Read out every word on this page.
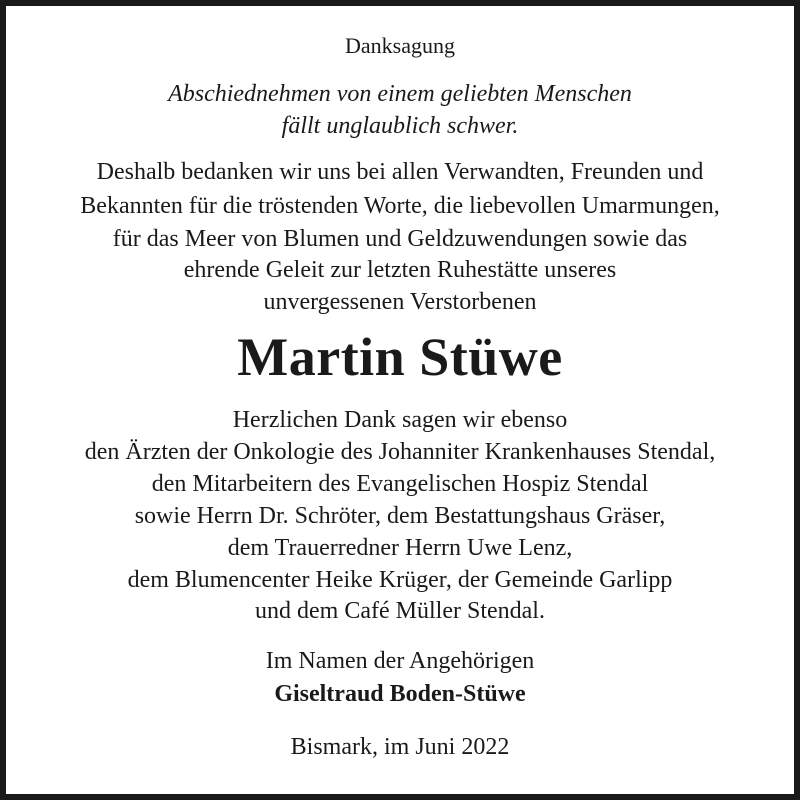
Danksagung
Abschiednehmen von einem geliebten Menschen
fällt unglaublich schwer.
Deshalb bedanken wir uns bei allen Verwandten, Freunden und
Bekannten für die tröstenden Worte, die liebevollen Umarmungen,
für das Meer von Blumen und Geldzuwendungen sowie das
ehrende Geleit zur letzten Ruhestätte unseres
unvergessenen Verstorbenen
Martin Stüwe
Herzlichen Dank sagen wir ebenso
den Ärzten der Onkologie des Johanniter Krankenhauses Stendal,
den Mitarbeitern des Evangelischen Hospiz Stendal
sowie Herrn Dr. Schröter, dem Bestattungshaus Gräser,
dem Trauerredner Herrn Uwe Lenz,
dem Blumencenter Heike Krüger, der Gemeinde Garlipp
und dem Café Müller Stendal.
Im Namen der Angehörigen
Giseltraud Boden-Stüwe
Bismark, im Juni 2022
